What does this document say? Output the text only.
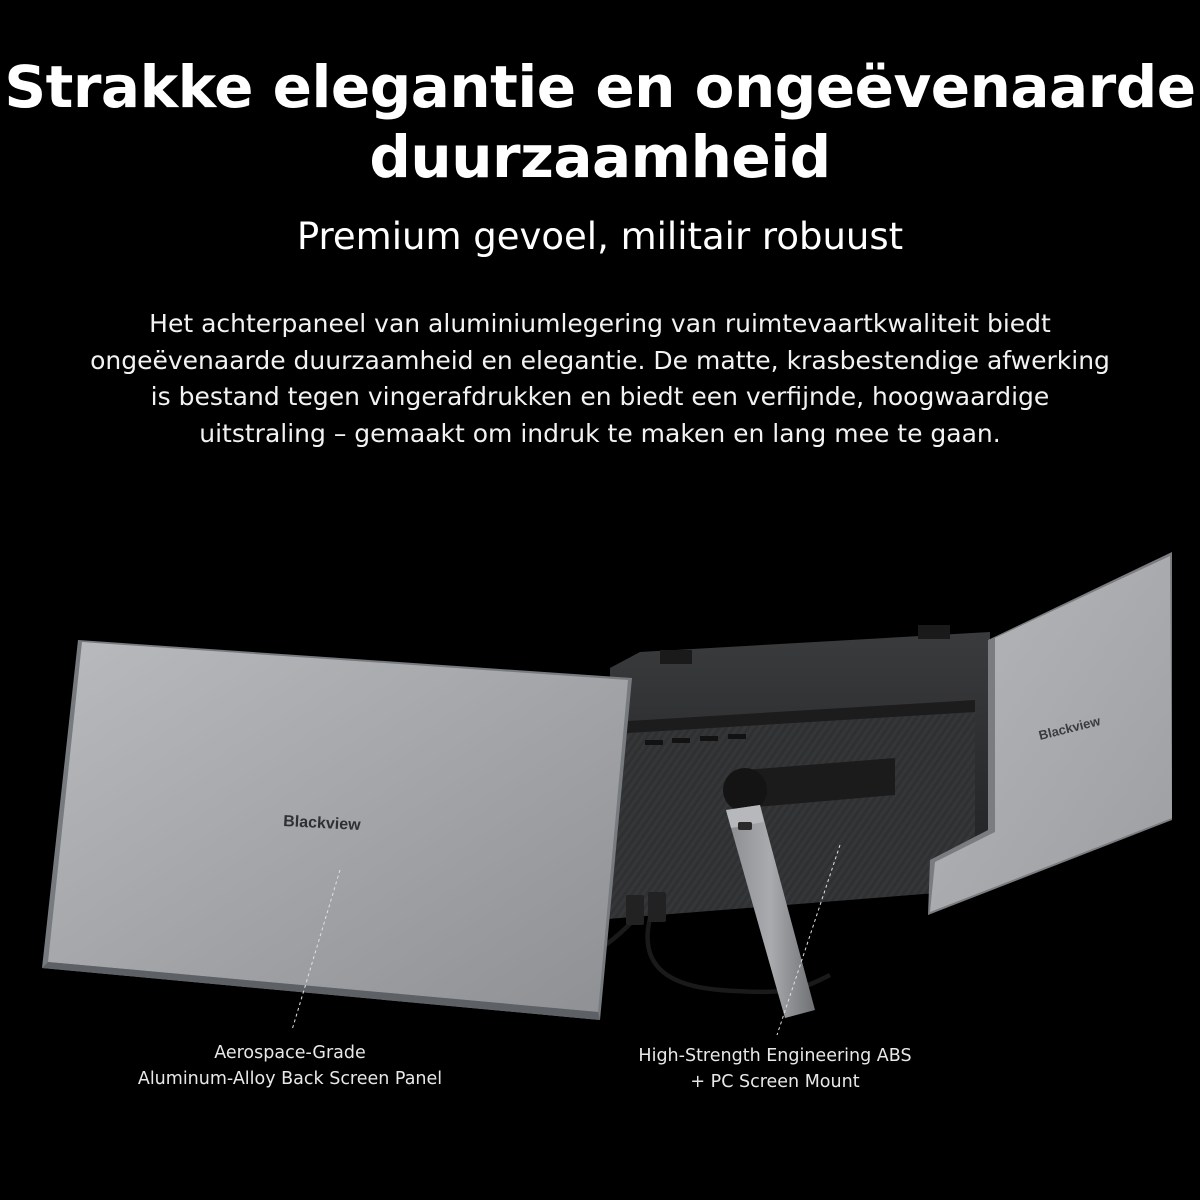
Strakke elegantie en ongeëvenaarde
duurzaamheid
Premium gevoel, militair robuust
Het achterpaneel van aluminiumlegering van ruimtevaartkwaliteit biedt
ongeëvenaarde duurzaamheid en elegantie. De matte, krasbestendige afwerking
is bestand tegen vingerafdrukken en biedt een verfijnde, hoogwaardige
uitstraling – gemaakt om indruk te maken en lang mee te gaan.
Blackview
Blackview
Aerospace-Grade
Aluminum-Alloy Back Screen Panel
High-Strength Engineering ABS
+ PC Screen Mount
